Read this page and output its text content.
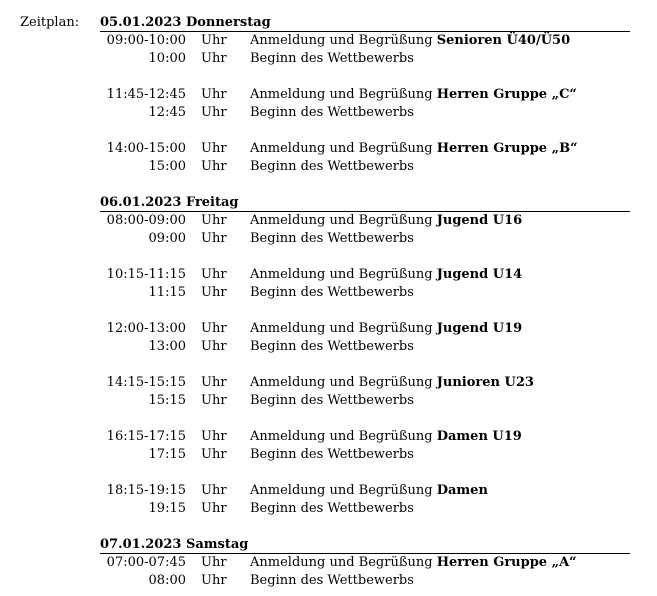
Zeitplan: 05.01.2023 Donnerstag
09:00-10:00 Uhr Anmeldung und Begrüßung Senioren Ü40/Ü50
10:00 Uhr Beginn des Wettbewerbs
11:45-12:45 Uhr Anmeldung und Begrüßung Herren Gruppe „C“
12:45 Uhr Beginn des Wettbewerbs
14:00-15:00 Uhr Anmeldung und Begrüßung Herren Gruppe „B“
15:00 Uhr Beginn des Wettbewerbs
06.01.2023 Freitag
08:00-09:00 Uhr Anmeldung und Begrüßung Jugend U16
09:00 Uhr Beginn des Wettbewerbs
10:15-11:15 Uhr Anmeldung und Begrüßung Jugend U14
11:15 Uhr Beginn des Wettbewerbs
12:00-13:00 Uhr Anmeldung und Begrüßung Jugend U19
13:00 Uhr Beginn des Wettbewerbs
14:15-15:15 Uhr Anmeldung und Begrüßung Junioren U23
15:15 Uhr Beginn des Wettbewerbs
16:15-17:15 Uhr Anmeldung und Begrüßung Damen U19
17:15 Uhr Beginn des Wettbewerbs
18:15-19:15 Uhr Anmeldung und Begrüßung Damen
19:15 Uhr Beginn des Wettbewerbs
07.01.2023 Samstag
07:00-07:45 Uhr Anmeldung und Begrüßung Herren Gruppe „A“
08:00 Uhr Beginn des Wettbewerbs
